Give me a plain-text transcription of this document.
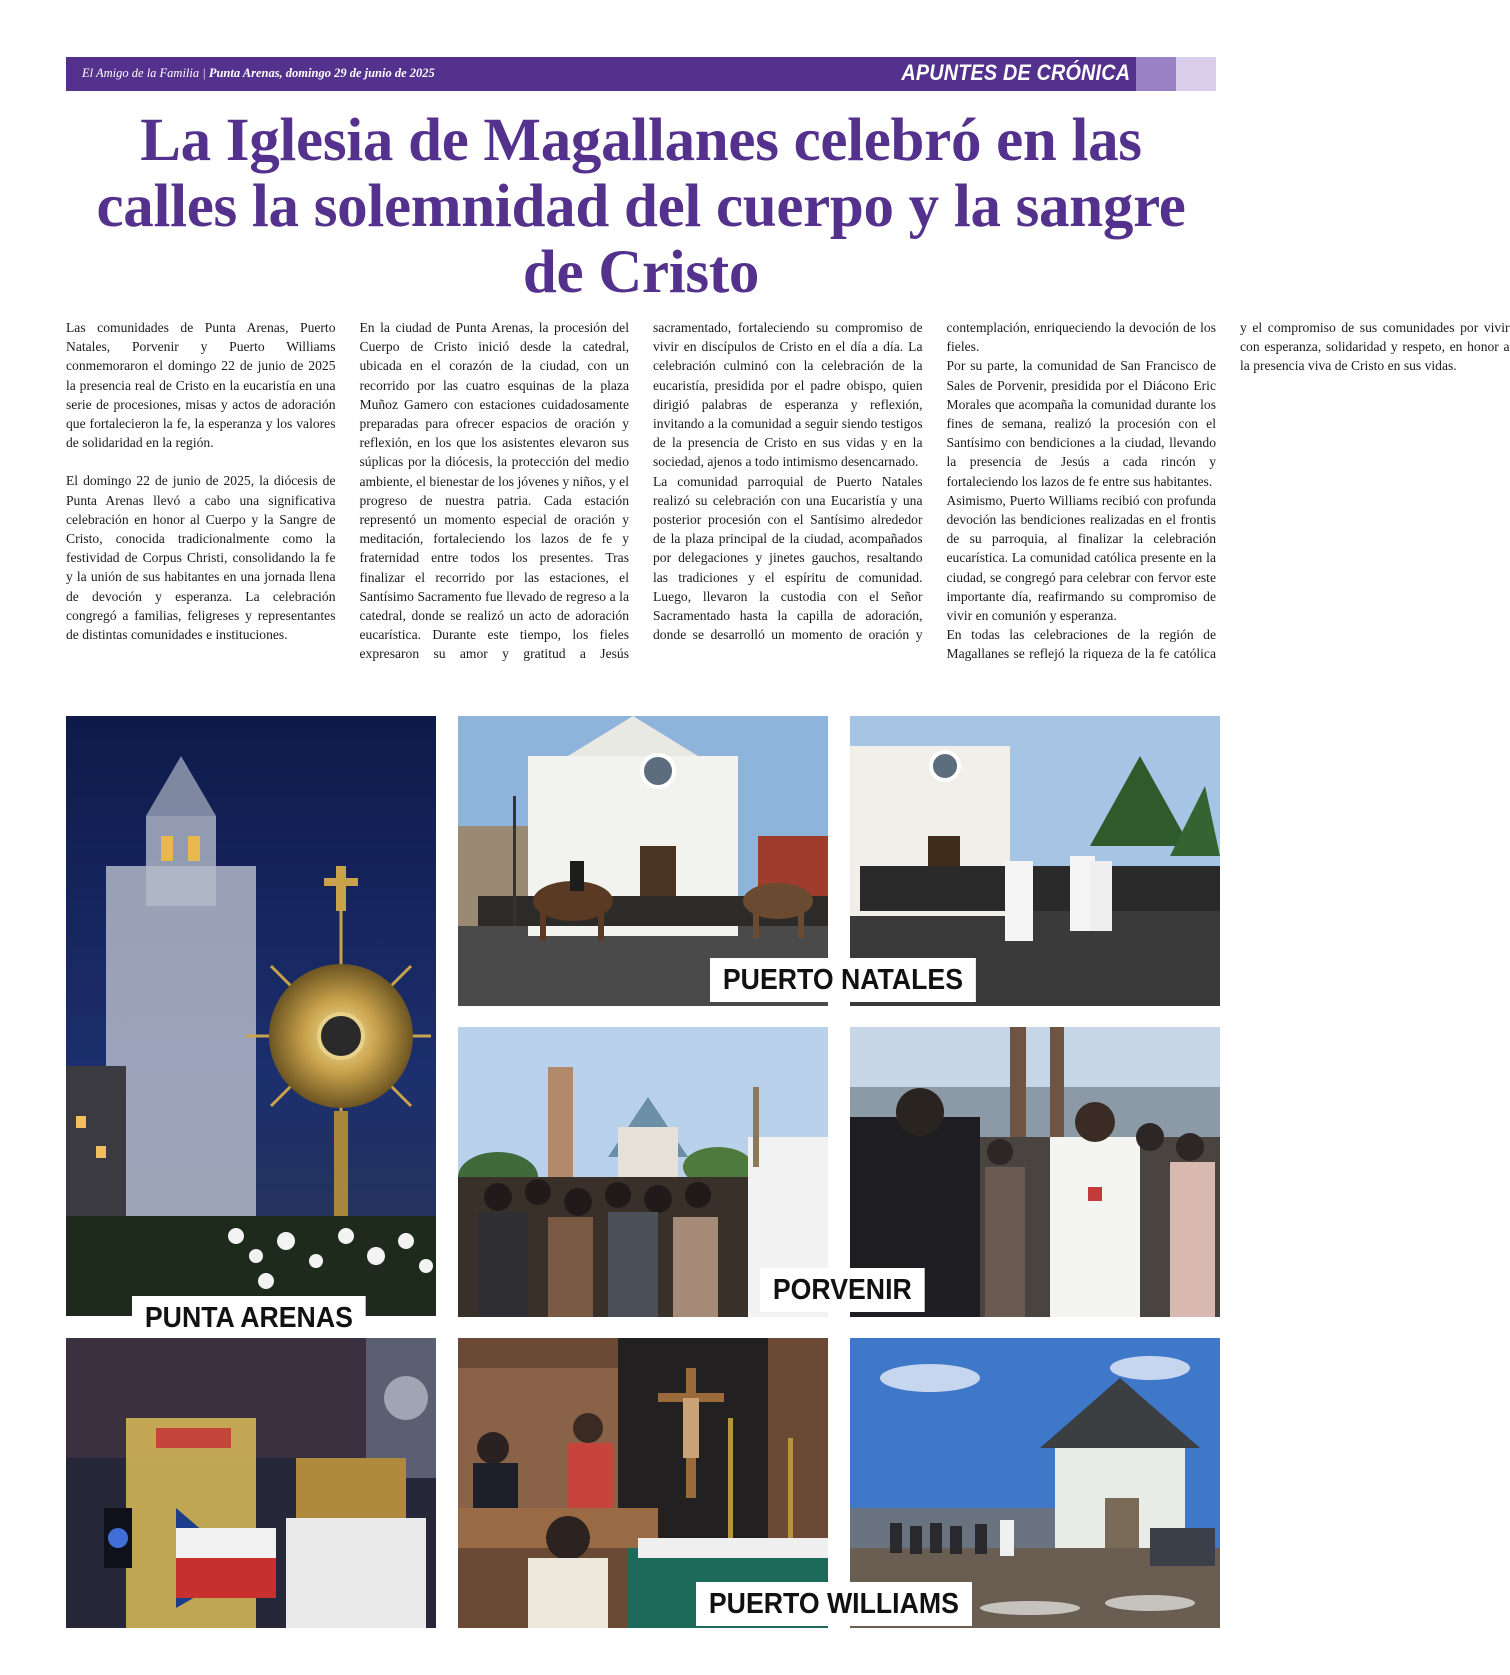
El Amigo de la Familia | Punta Arenas, domingo 29 de junio de 2025	APUNTES DE CRÓNICA
La Iglesia de Magallanes celebró en las calles la solemnidad del cuerpo y la sangre de Cristo

Las comunidades de Punta Arenas, Puerto Natales, Porvenir y Puerto Williams conmemoraron el domingo 22 de junio de 2025 la presencia real de Cristo en la eucaristía en una serie de procesiones, misas y actos de adoración que fortalecieron la fe, la esperanza y los valores de solidaridad en la región.

El domingo 22 de junio de 2025, la diócesis de Punta Arenas llevó a cabo una significativa celebración en honor al Cuerpo y la Sangre de Cristo, conocida tradicionalmente como la festividad de Corpus Christi, consolidando la fe y la unión de sus habitantes en una jornada llena de devoción y esperanza. La celebración congregó a familias, feligreses y representantes de distintas comunidades e instituciones.

En la ciudad de Punta Arenas, la procesión del Cuerpo de Cristo inició desde la catedral, ubicada en el corazón de la ciudad, con un recorrido por las cuatro esquinas de la plaza Muñoz Gamero con estaciones cuidadosamente preparadas para ofrecer espacios de oración y reflexión, en los que los asistentes elevaron sus súplicas por la diócesis, la protección del medio ambiente, el bienestar de los jóvenes y niños, y el progreso de nuestra patria. Cada estación representó un momento especial de oración y meditación, fortaleciendo los lazos de fe y fraternidad entre todos los presentes. Tras finalizar el recorrido por las estaciones, el Santísimo Sacramento fue llevado de regreso a la catedral, donde se realizó un acto de adoración eucarística. Durante este tiempo, los fieles expresaron su amor y gratitud a Jesús sacramentado, fortaleciendo su compromiso de vivir en discípulos de Cristo en el día a día. La celebración culminó con la celebración de la eucaristía, presidida por el padre obispo, quien dirigió palabras de esperanza y reflexión, invitando a la comunidad a seguir siendo testigos de la presencia de Cristo en sus vidas y en la sociedad, ajenos a todo intimismo desencarnado.

La comunidad parroquial de Puerto Natales realizó su celebración con una Eucaristía y una posterior procesión con el Santísimo alrededor de la plaza principal de la ciudad, acompañados por delegaciones y jinetes gauchos, resaltando las tradiciones y el espíritu de comunidad. Luego, llevaron la custodia con el Señor Sacramentado hasta la capilla de adoración, donde se desarrolló un momento de oración y contemplación, enriqueciendo la devoción de los fieles.

Por su parte, la comunidad de San Francisco de Sales de Porvenir, presidida por el Diácono Eric Morales que acompaña la comunidad durante los fines de semana, realizó la procesión con el Santísimo con bendiciones a la ciudad, llevando la presencia de Jesús a cada rincón y fortaleciendo los lazos de fe entre sus habitantes.

Asimismo, Puerto Williams recibió con profunda devoción las bendiciones realizadas en el frontis de su parroquia, al finalizar la celebración eucarística. La comunidad católica presente en la ciudad, se congregó para celebrar con fervor este importante día, reafirmando su compromiso de vivir en comunión y esperanza.

En todas las celebraciones de la región de Magallanes se reflejó la riqueza de la fe católica y el compromiso de sus comunidades por vivir con esperanza, solidaridad y respeto, en honor a la presencia viva de Cristo en sus vidas.

PUNTA ARENAS
PUERTO NATALES
PORVENIR
PUERTO WILLIAMS
